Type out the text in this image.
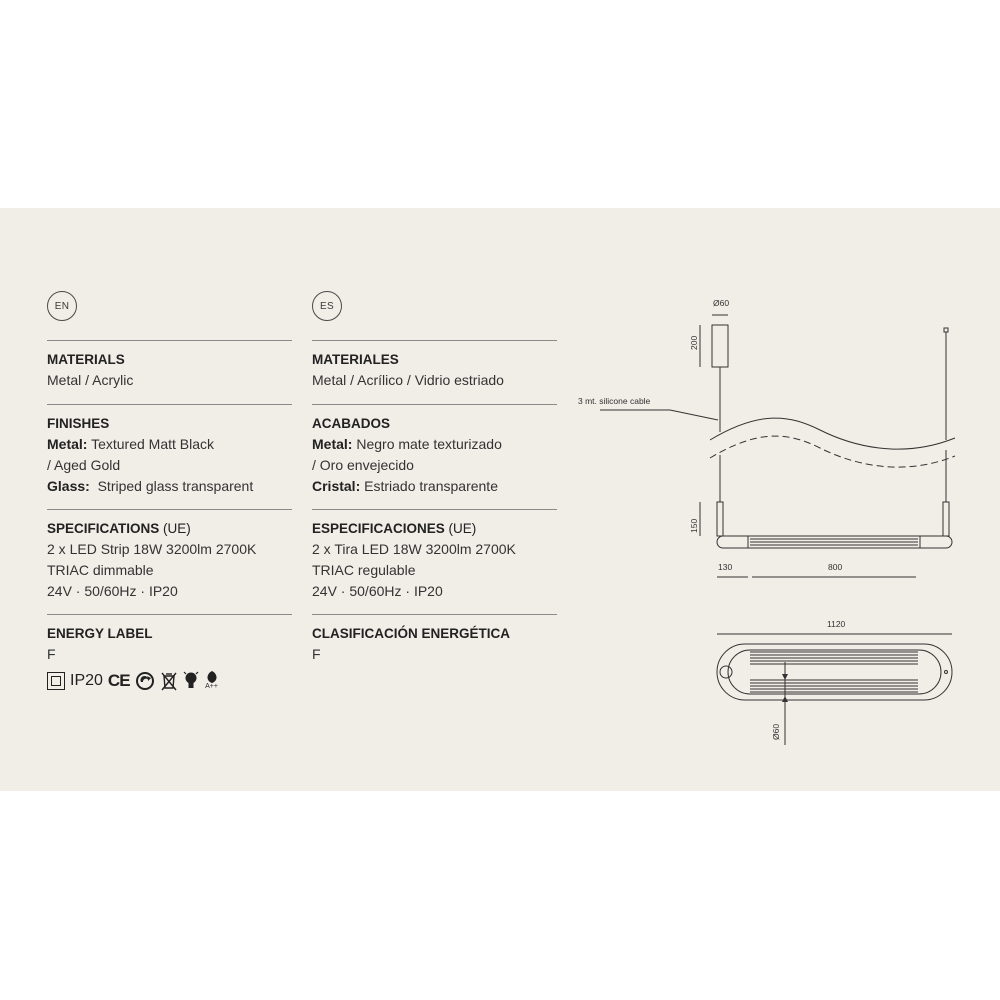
EN
MATERIALS
Metal / Acrylic
FINISHES
Metal: Textured Matt Black
/ Aged Gold
Glass:  Striped glass transparent
SPECIFICATIONS (UE)
2 x LED Strip 18W 3200lm 2700K
TRIAC dimmable
24V · 50/60Hz · IP20
ENERGY LABEL
F
IP20 CE	A++
ES
MATERIALES
Metal / Acrílico / Vidrio estriado
ACABADOS
Metal: Negro mate texturizado
/ Oro envejecido
Cristal: Estriado transparente
ESPECIFICACIONES (UE)
2 x Tira LED 18W 3200lm 2700K
TRIAC regulable
24V · 50/60Hz · IP20
CLASIFICACIÓN ENERGÉTICA
F
Ø60
200
3 mt. silicone cable
150
130	800
1120
Ø60
